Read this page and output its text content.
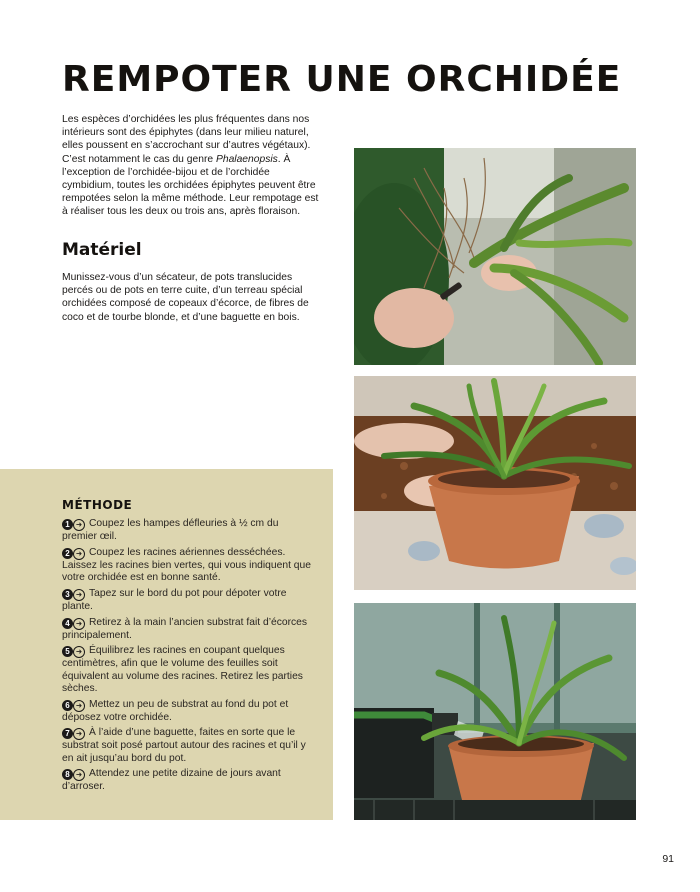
REMPOTER UNE ORCHIDÉE

Les espèces d’orchidées les plus fréquentes dans nos intérieurs sont des épiphytes (dans leur milieu naturel, elles poussent en s’accrochant sur d’autres végétaux). C’est notamment le cas du genre Phalaenopsis. À l’exception de l’orchidée-bijou et de l’orchidée cymbidium, toutes les orchidées épiphytes peuvent être rempotées selon la même méthode. Leur rempotage est à réaliser tous les deux ou trois ans, après floraison.

Matériel

Munissez-vous d’un sécateur, de pots translucides percés ou de pots en terre cuite, d’un terreau spécial orchidées composé de copeaux d’écorce, de fibres de coco et de tourbe blonde, et d’une baguette en bois.

MÉTHODE
1 ➜ Coupez les hampes défleuries à ½ cm du premier œil.
2 ➜ Coupez les racines aériennes desséchées. Laissez les racines bien vertes, qui vous indiquent que votre orchidée est en bonne santé.
3 ➜ Tapez sur le bord du pot pour dépoter votre plante.
4 ➜ Retirez à la main l’ancien substrat fait d’écorces principalement.
5 ➜ Équilibrez les racines en coupant quelques centimètres, afin que le volume des feuilles soit équivalent au volume des racines. Retirez les parties sèches.
6 ➜ Mettez un peu de substrat au fond du pot et déposez votre orchidée.
7 ➜ À l’aide d’une baguette, faites en sorte que le substrat soit posé partout autour des racines et qu’il y en ait jusqu’au bord du pot.
8 ➜ Attendez une petite dizaine de jours avant d’arroser.
91
